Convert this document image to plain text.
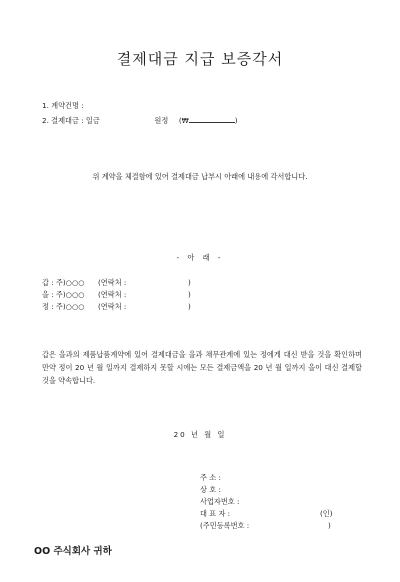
결제대금 지급 보증각서
1. 계약건명 :
2. 결제대금 : 일금	원정 (₩	)
위 계약을 체결함에 있어 결제대금 납부시 아래에 내용에 각서합니다.
- 아 래 -
갑 : 주)○○○ (연락처 :	)
을 : 주)○○○ (연락처 :	)
정 : 주)○○○ (연락처 :	)
갑은 을과의 제품납품계약에 있어 결제대금을 을과 채무관계에 있는 정에게 대신 받을 것을 확인하며 만약 정이 20 년 월 일까지 결제하지 못할 시에는 모든 결제금액을 20 년 월 일까지 을이 대신 결제할 것을 약속합니다.
20 년 월 일
주 소 :
상 호 :
사업자번호 :
대 표 자 :	(인)
(주민등록번호 :	)
OO 주식회사 귀하
